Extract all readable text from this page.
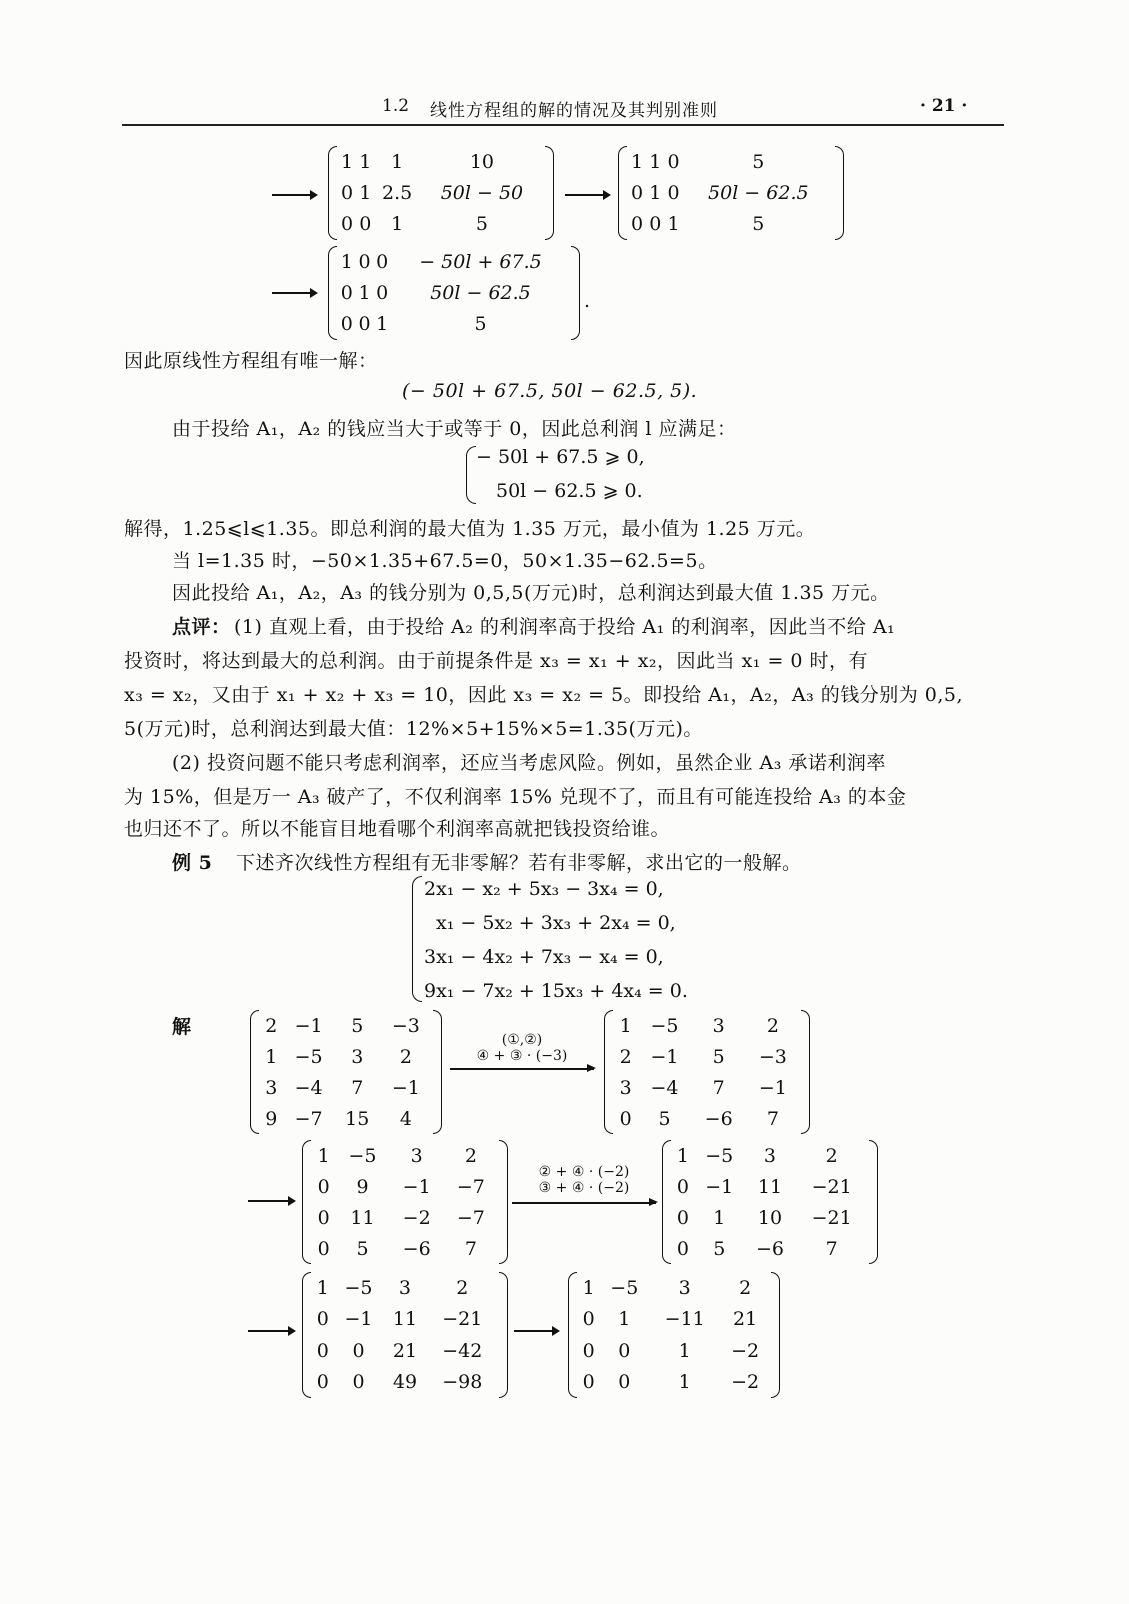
1.2 线性方程组的解的情况及其判别准则	· 21 ·
1	1	1	10
0	1	2.5	50l − 50
0	0	1	5
1	1	0	5
0	1	0	50l − 62.5
0	0	1	5
1	0	0	− 50l + 67.5
0	1	0	50l − 62.5
0	0	1	5
.
因此原线性方程组有唯一解：
(− 50l + 67.5, 50l − 62.5, 5).
由于投给 A₁，A₂ 的钱应当大于或等于 0，因此总利润 l 应满足：
− 50l + 67.5 ⩾ 0,
50l − 62.5 ⩾ 0.
解得，1.25⩽l⩽1.35。即总利润的最大值为 1.35 万元，最小值为 1.25 万元。
当 l=1.35 时，−50×1.35+67.5=0，50×1.35−62.5=5。
因此投给 A₁，A₂，A₃ 的钱分别为 0,5,5(万元)时，总利润达到最大值 1.35 万元。
点评： (1) 直观上看，由于投给 A₂ 的利润率高于投给 A₁ 的利润率，因此当不给 A₁
投资时，将达到最大的总利润。由于前提条件是 x₃ = x₁ + x₂，因此当 x₁ = 0 时，有
x₃ = x₂，又由于 x₁ + x₂ + x₃ = 10，因此 x₃ = x₂ = 5。即投给 A₁，A₂，A₃ 的钱分别为 0,5,
5(万元)时，总利润达到最大值：12%×5+15%×5=1.35(万元)。
(2) 投资问题不能只考虑利润率，还应当考虑风险。例如，虽然企业 A₃ 承诺利润率
为 15%，但是万一 A₃ 破产了，不仅利润率 15% 兑现不了，而且有可能连投给 A₃ 的本金
也归还不了。所以不能盲目地看哪个利润率高就把钱投资给谁。
例 5 下述齐次线性方程组有无非零解？若有非零解，求出它的一般解。
2x₁ − x₂ + 5x₃ − 3x₄ = 0,
x₁ − 5x₂ + 3x₃ + 2x₄ = 0,
3x₁ − 4x₂ + 7x₃ − x₄ = 0,
9x₁ − 7x₂ + 15x₃ + 4x₄ = 0.
解	2	−1	5	−3
1	−5	3	2
3	−4	7	−1
9	−7	15	4
(①,②)
④ + ③ · (−3)
1	−5	3	2
2	−1	5	−3
3	−4	7	−1
0	5	−6	7
1	−5	3	2
0	9	−1	−7
0	11	−2	−7
0	5	−6	7
② + ④ · (−2)
③ + ④ · (−2)
1	−5	3	2
0	−1	11	−21
0	1	10	−21
0	5	−6	7
1	−5	3	2
0	−1	11	−21
0	0	21	−42
0	0	49	−98
1	−5	3	2
0	1	−11	21
0	0	1	−2
0	0	1	−2
